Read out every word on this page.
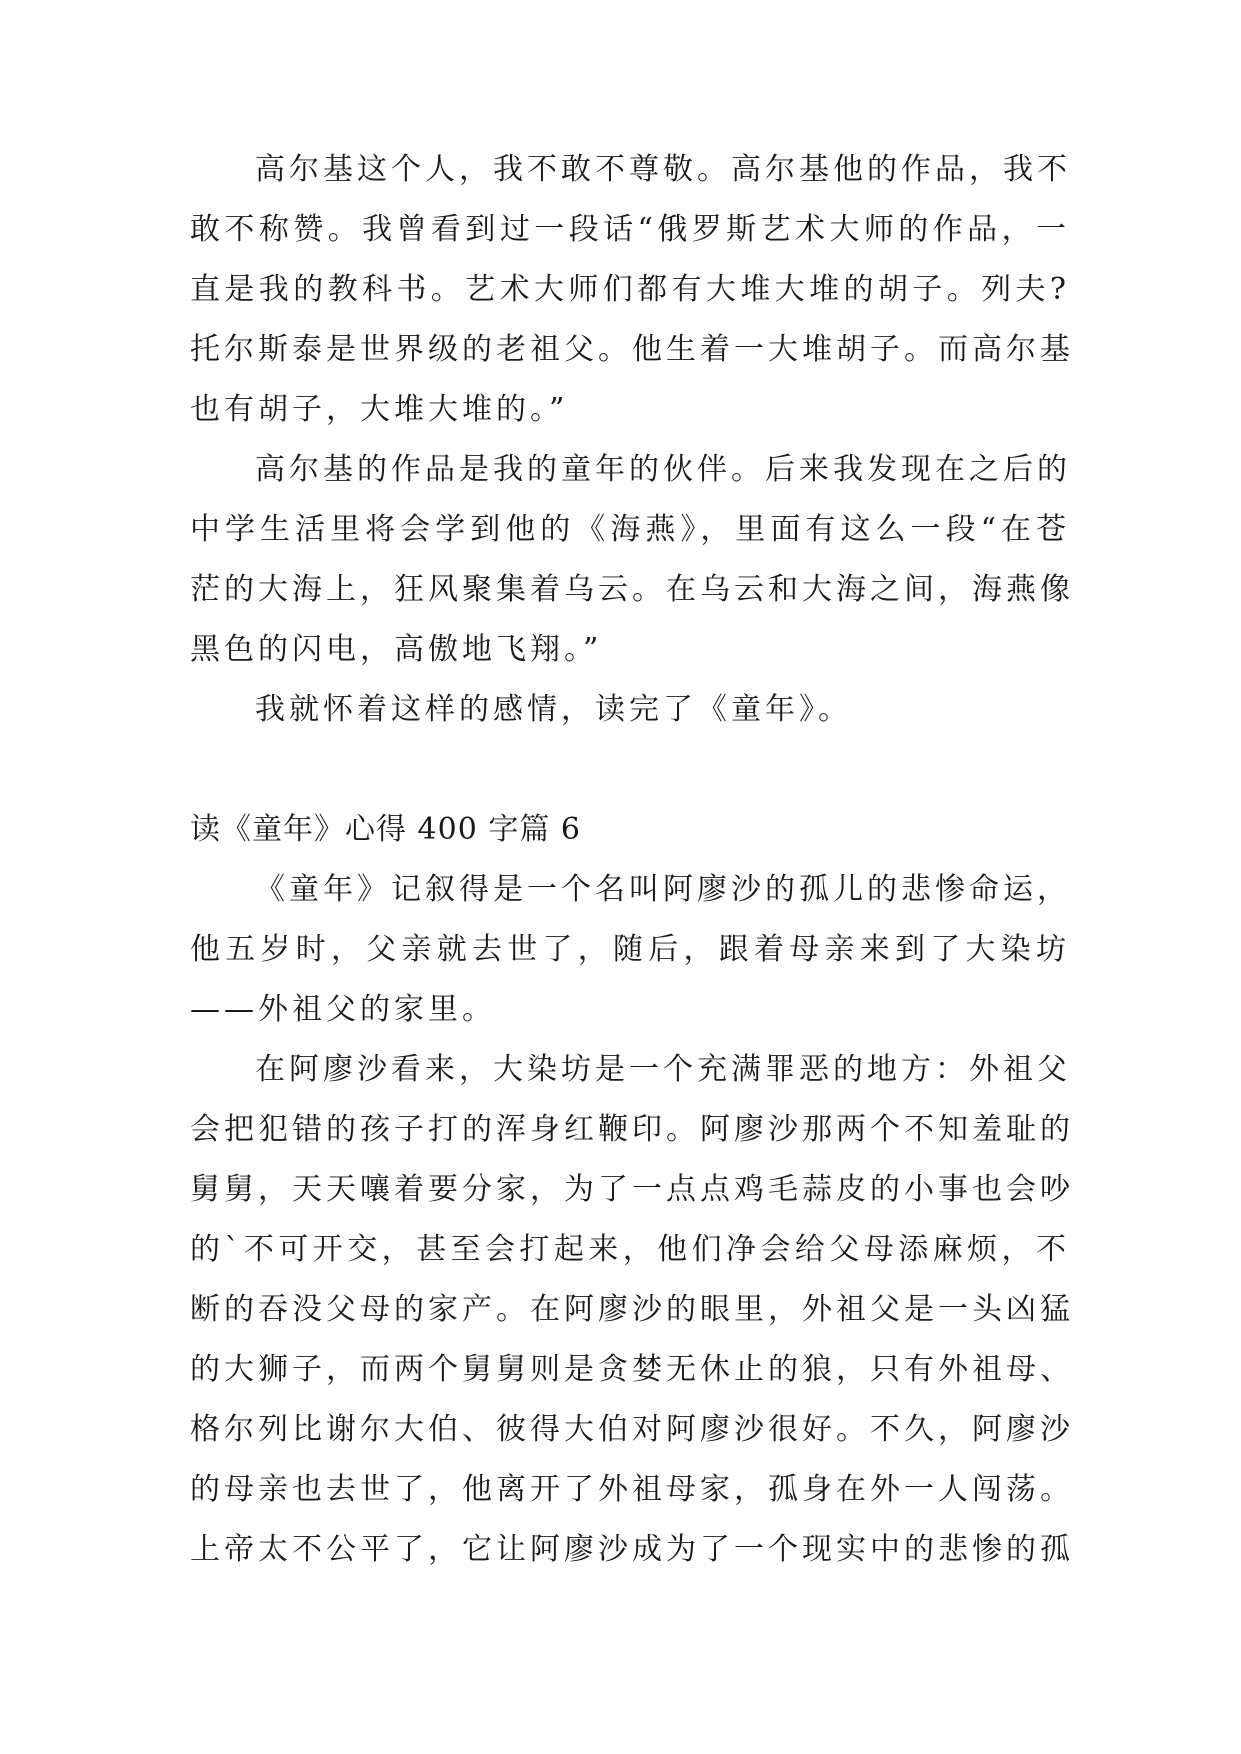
高尔基这个人，我不敢不尊敬。高尔基他的作品，我不
敢不称赞。我曾看到过一段话“俄罗斯艺术大师的作品，一
直是我的教科书。艺术大师们都有大堆大堆的胡子。列夫?
托尔斯泰是世界级的老祖父。他生着一大堆胡子。而高尔基
也有胡子，大堆大堆的。”
高尔基的作品是我的童年的伙伴。后来我发现在之后的
中学生活里将会学到他的《海燕》，里面有这么一段“在苍
茫的大海上，狂风聚集着乌云。在乌云和大海之间，海燕像
黑色的闪电，高傲地飞翔。”
我就怀着这样的感情，读完了《童年》。
读《童年》心得 400 字篇 6
《童年》记叙得是一个名叫阿廖沙的孤儿的悲惨命运，
他五岁时，父亲就去世了，随后，跟着母亲来到了大染坊
——外祖父的家里。
在阿廖沙看来，大染坊是一个充满罪恶的地方：外祖父
会把犯错的孩子打的浑身红鞭印。阿廖沙那两个不知羞耻的
舅舅，天天嚷着要分家，为了一点点鸡毛蒜皮的小事也会吵
的`不可开交，甚至会打起来，他们净会给父母添麻烦，不
断的吞没父母的家产。在阿廖沙的眼里，外祖父是一头凶猛
的大狮子，而两个舅舅则是贪婪无休止的狼，只有外祖母、
格尔列比谢尔大伯、彼得大伯对阿廖沙很好。不久，阿廖沙
的母亲也去世了，他离开了外祖母家，孤身在外一人闯荡。
上帝太不公平了，它让阿廖沙成为了一个现实中的悲惨的孤
